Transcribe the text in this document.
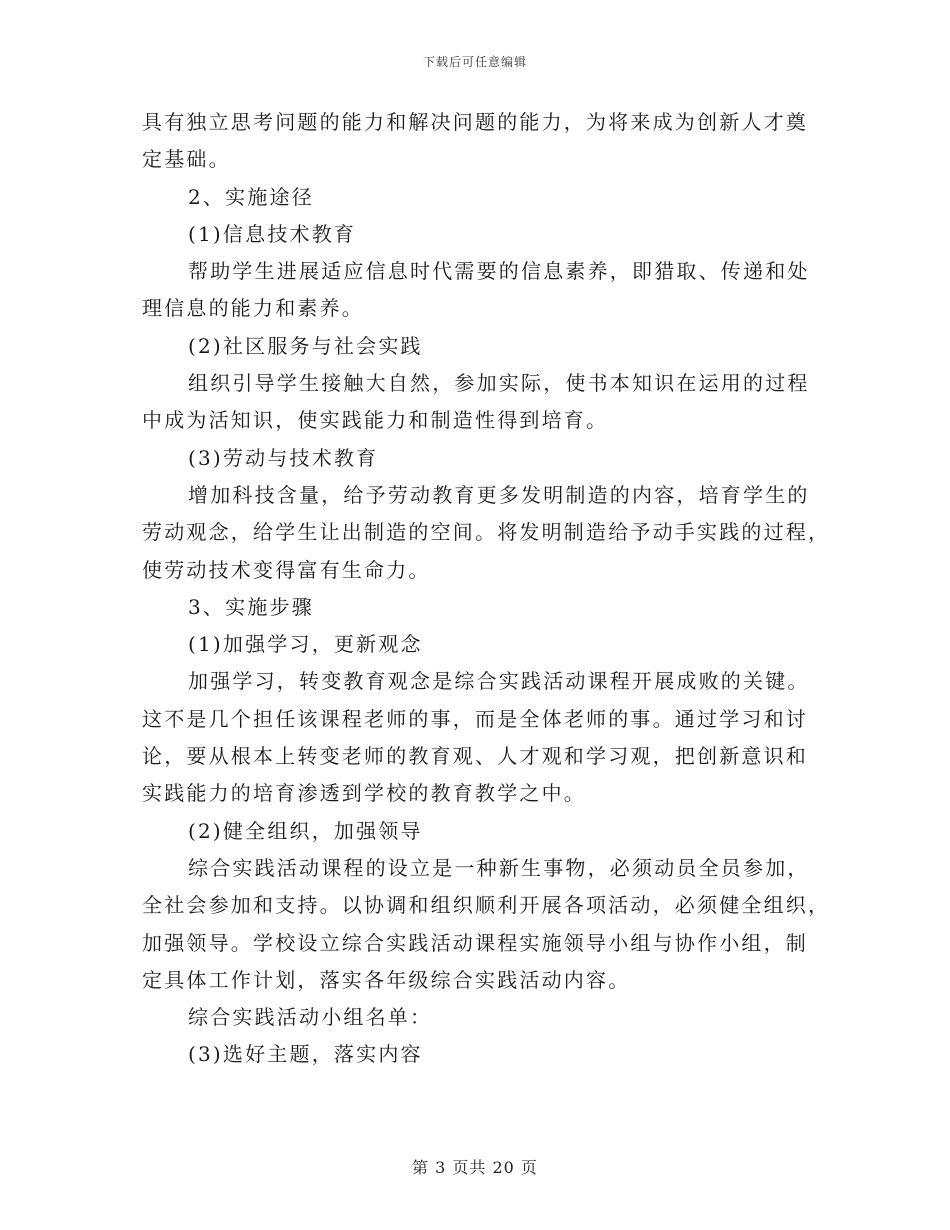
下载后可任意编辑
具有独立思考问题的能力和解决问题的能力，为将来成为创新人才奠
定基础。
2、实施途径
(1)信息技术教育
帮助学生进展适应信息时代需要的信息素养，即猎取、传递和处
理信息的能力和素养。
(2)社区服务与社会实践
组织引导学生接触大自然，参加实际，使书本知识在运用的过程
中成为活知识，使实践能力和制造性得到培育。
(3)劳动与技术教育
增加科技含量，给予劳动教育更多发明制造的内容，培育学生的
劳动观念，给学生让出制造的空间。将发明制造给予动手实践的过程，
使劳动技术变得富有生命力。
3、实施步骤
(1)加强学习，更新观念
加强学习，转变教育观念是综合实践活动课程开展成败的关键。
这不是几个担任该课程老师的事，而是全体老师的事。通过学习和讨
论，要从根本上转变老师的教育观、人才观和学习观，把创新意识和
实践能力的培育渗透到学校的教育教学之中。
(2)健全组织，加强领导
综合实践活动课程的设立是一种新生事物，必须动员全员参加，
全社会参加和支持。以协调和组织顺利开展各项活动，必须健全组织，
加强领导。学校设立综合实践活动课程实施领导小组与协作小组，制
定具体工作计划，落实各年级综合实践活动内容。
综合实践活动小组名单：
(3)选好主题，落实内容
第 3 页共 20 页
